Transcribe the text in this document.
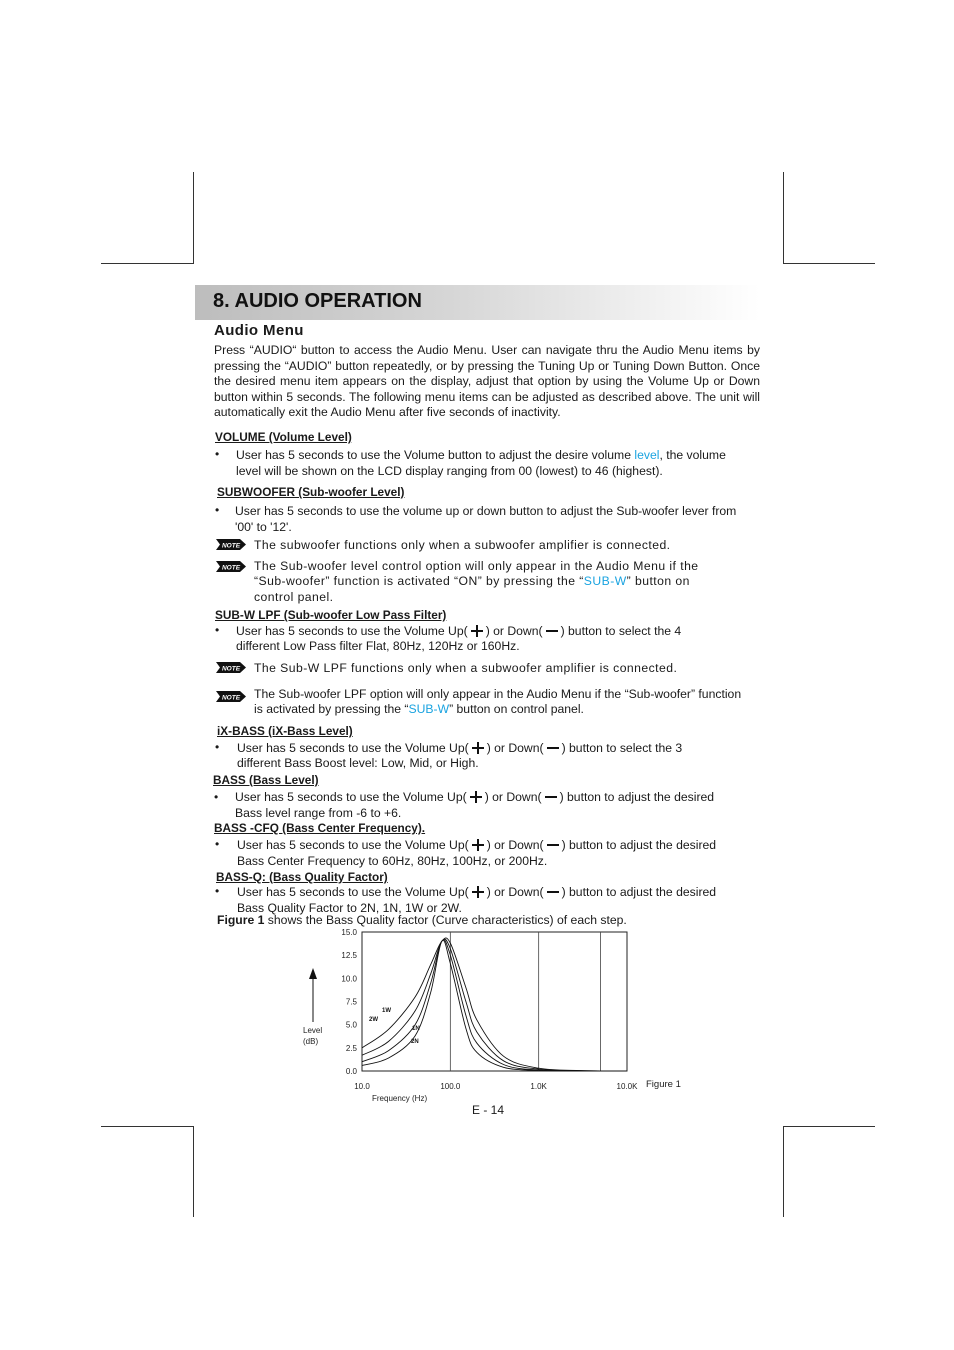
8. AUDIO OPERATION
Audio Menu
Press “AUDIO“ button to access the Audio Menu. User can navigate thru the Audio Menu items by pressing the “AUDIO” button repeatedly, or by pressing the Tuning Up or Tuning Down Button. Once the desired menu item appears on the display, adjust that option by using the Volume Up or Down button within 5 seconds. The following menu items can be adjusted as described above. The unit will automatically exit the Audio Menu after five seconds of inactivity.
VOLUME (Volume Level)
• User has 5 seconds to use the Volume button to adjust the desire volume level, the volume
level will be shown on the LCD display ranging from 00 (lowest) to 46 (highest).
SUBWOOFER (Sub-woofer Level)
• User has 5 seconds to use the volume up or down button to adjust the Sub-woofer lever from
'00' to '12'.
NOTE The subwoofer functions only when a subwoofer amplifier is connected.
NOTE The Sub-woofer level control option will only appear in the Audio Menu if the
“Sub-woofer” function is activated “ON” by pressing the “SUB-W” button on
control panel.
SUB-W LPF (Sub-woofer Low Pass Filter)
• User has 5 seconds to use the Volume Up( ) or Down( ) button to select the 4
different Low Pass filter Flat, 80Hz, 120Hz or 160Hz.
NOTE The Sub-W LPF functions only when a subwoofer amplifier is connected.
NOTE The Sub-woofer LPF option will only appear in the Audio Menu if the “Sub-woofer” function
is activated by pressing the “SUB-W” button on control panel.
iX-BASS (iX-Bass Level)
• User has 5 seconds to use the Volume Up( ) or Down( ) button to select the 3
different Bass Boost level: Low, Mid, or High.
BASS (Bass Level)
• User has 5 seconds to use the Volume Up( ) or Down( ) button to adjust the desired
Bass level range from -6 to +6.
BASS -CFQ (Bass Center Frequency).
• User has 5 seconds to use the Volume Up( ) or Down( ) button to adjust the desired
Bass Center Frequency to 60Hz, 80Hz, 100Hz, or 200Hz.
BASS-Q: (Bass Quality Factor)
• User has 5 seconds to use the Volume Up( ) or Down( ) button to adjust the desired
Bass Quality Factor to 2N, 1N, 1W or 2W.
Figure 1 shows the Bass Quality factor (Curve characteristics) of each step.
10.0	100.0	1.0K	10.0K
15.0
12.5
10.0
7.5
5.0
2.5
0.0
2W
1W
1N
2N
Figure 1
Frequency (Hz)
Level
(dB)
E - 14
